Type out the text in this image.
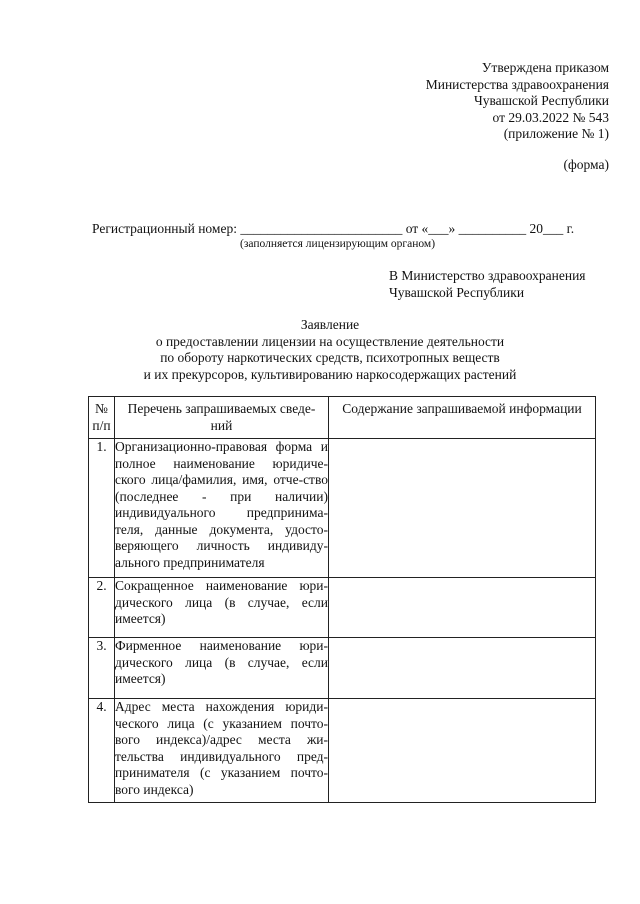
Утверждена приказом
Министерства здравоохранения
Чувашской Республики
от 29.03.2022 № 543
(приложение № 1)
(форма)
Регистрационный номер: ________________________ от «___» __________ 20___ г.
(заполняется лицензирующим органом)
В Министерство здравоохранения
Чувашской Республики
Заявление
о предоставлении лицензии на осуществление деятельности
по обороту наркотических средств, психотропных веществ
и их прекурсоров, культивированию наркосодержащих растений
№ п/п	Перечень запрашиваемых сведе-ний	Содержание запрашиваемой информации
1.	Организационно-правовая форма и полное наименование юридиче-ского лица/фамилия, имя, отче-ство (последнее - при наличии) индивидуального предпринима-теля, данные документа, удосто-веряющего личность индивиду-ального предпринимателя	
2.	Сокращенное наименование юри-дического лица (в случае, если имеется)	
3.	Фирменное наименование юри-дического лица (в случае, если имеется)	
4.	Адрес места нахождения юриди-ческого лица (с указанием почто-вого индекса)/адрес места жи-тельства индивидуального пред-принимателя (с указанием почто-вого индекса)	
